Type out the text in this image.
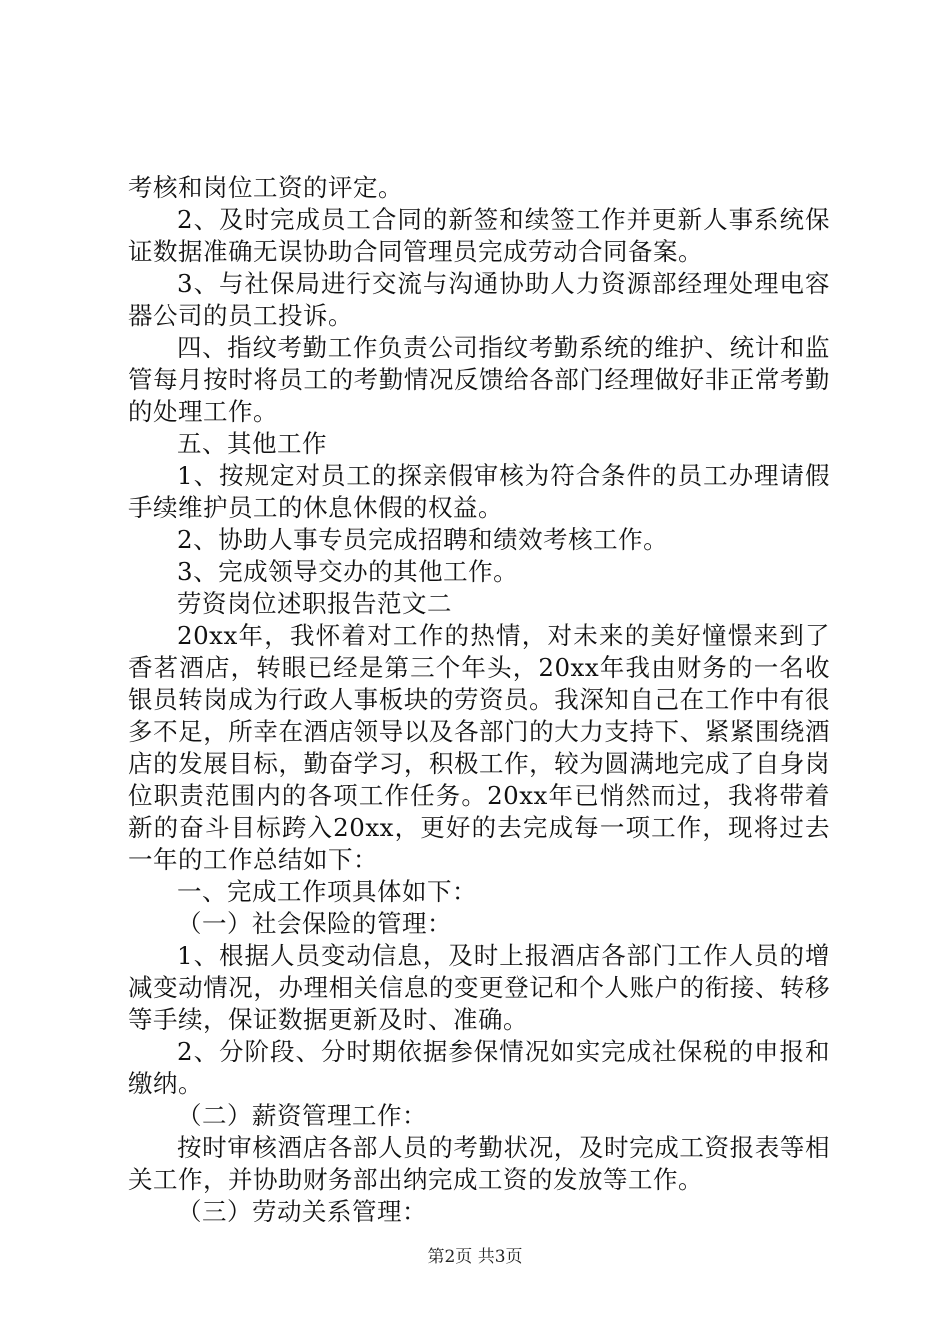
考核和岗位工资的评定。

2、及时完成员工合同的新签和续签工作并更新人事系统保证数据准确无误协助合同管理员完成劳动合同备案。

3、与社保局进行交流与沟通协助人力资源部经理处理电容器公司的员工投诉。

四、指纹考勤工作负责公司指纹考勤系统的维护、统计和监管每月按时将员工的考勤情况反馈给各部门经理做好非正常考勤的处理工作。

五、其他工作

1、按规定对员工的探亲假审核为符合条件的员工办理请假手续维护员工的休息休假的权益。

2、协助人事专员完成招聘和绩效考核工作。

3、完成领导交办的其他工作。

劳资岗位述职报告范文二

20xx年，我怀着对工作的热情，对未来的美好憧憬来到了香茗酒店，转眼已经是第三个年头，20xx年我由财务的一名收银员转岗成为行政人事板块的劳资员。我深知自己在工作中有很多不足，所幸在酒店领导以及各部门的大力支持下、紧紧围绕酒店的发展目标，勤奋学习，积极工作，较为圆满地完成了自身岗位职责范围内的各项工作任务。20xx年已悄然而过，我将带着新的奋斗目标跨入20xx，更好的去完成每一项工作，现将过去一年的工作总结如下：

一、完成工作项具体如下：

（一）社会保险的管理：

1、根据人员变动信息，及时上报酒店各部门工作人员的增减变动情况，办理相关信息的变更登记和个人账户的衔接、转移等手续，保证数据更新及时、准确。

2、分阶段、分时期依据参保情况如实完成社保税的申报和缴纳。

（二）薪资管理工作：

按时审核酒店各部人员的考勤状况，及时完成工资报表等相关工作，并协助财务部出纳完成工资的发放等工作。

（三）劳动关系管理：

第2页 共3页
